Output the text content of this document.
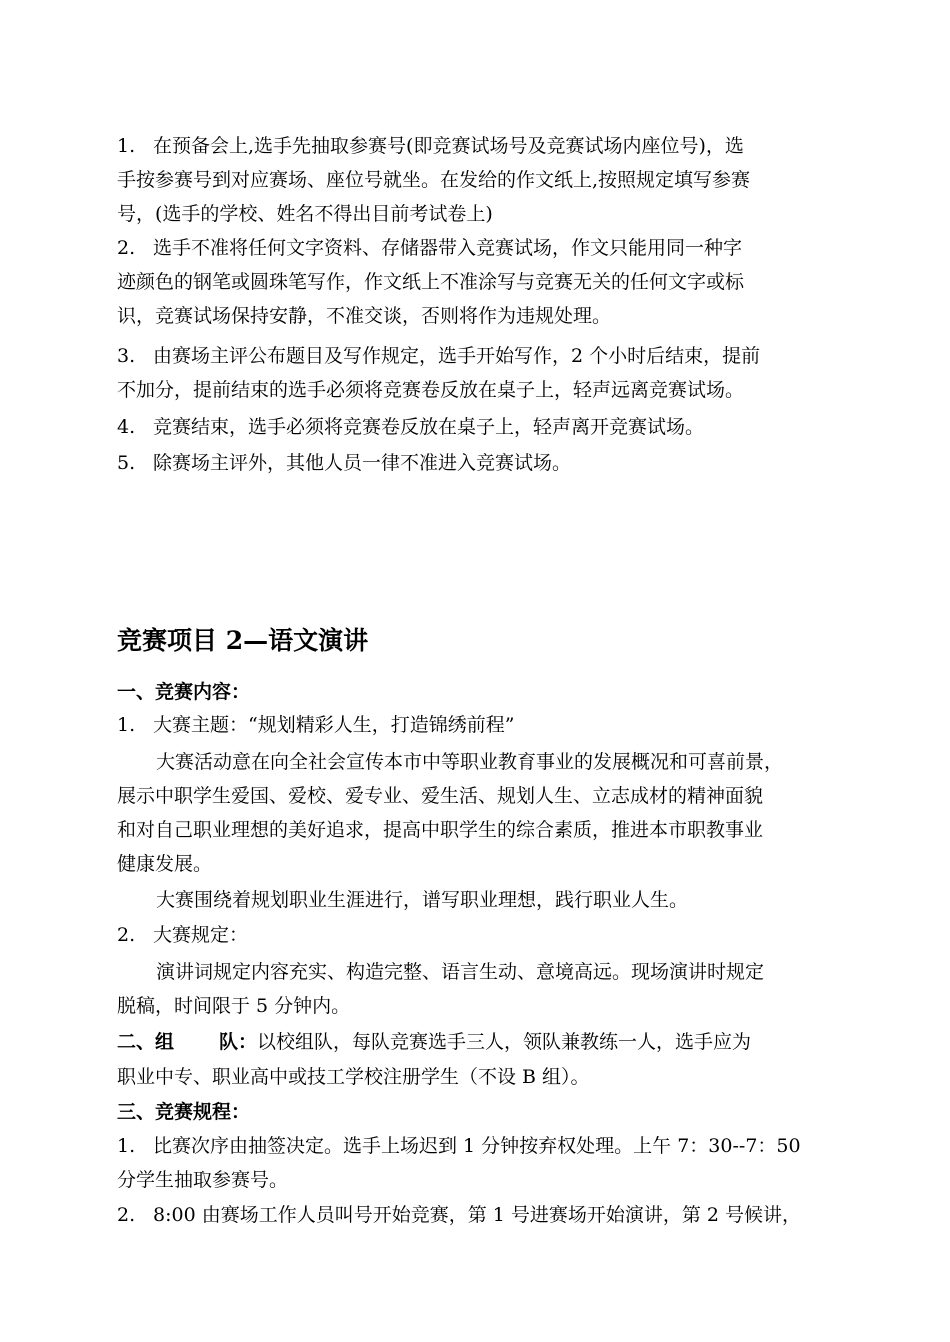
1. 在预备会上,选手先抽取参赛号(即竞赛试场号及竞赛试场内座位号)，选
手按参赛号到对应赛场、座位号就坐。在发给的作文纸上,按照规定填写参赛
号，(选手的学校、姓名不得出目前考试卷上)
2. 选手不准将任何文字资料、存储器带入竞赛试场，作文只能用同一种字
迹颜色的钢笔或圆珠笔写作，作文纸上不准涂写与竞赛无关的任何文字或标
识，竞赛试场保持安静，不准交谈，否则将作为违规处理。
3. 由赛场主评公布题目及写作规定，选手开始写作，2 个小时后结束，提前
不加分，提前结束的选手必须将竞赛卷反放在桌子上，轻声远离竞赛试场。
4. 竞赛结束，选手必须将竞赛卷反放在桌子上，轻声离开竞赛试场。
5. 除赛场主评外，其他人员一律不准进入竞赛试场。
竞赛项目 2—语文演讲
一、竞赛内容：
1. 大赛主题：“规划精彩人生，打造锦绣前程”
大赛活动意在向全社会宣传本市中等职业教育事业的发展概况和可喜前景，
展示中职学生爱国、爱校、爱专业、爱生活、规划人生、立志成材的精神面貌
和对自己职业理想的美好追求，提高中职学生的综合素质，推进本市职教事业
健康发展。
大赛围绕着规划职业生涯进行，谱写职业理想，践行职业人生。
2. 大赛规定：
演讲词规定内容充实、构造完整、语言生动、意境高远。现场演讲时规定
脱稿，时间限于 5 分钟内。
二、组 队：以校组队，每队竞赛选手三人，领队兼教练一人，选手应为
职业中专、职业高中或技工学校注册学生（不设 B 组）。
三、竞赛规程：
1. 比赛次序由抽签决定。选手上场迟到 1 分钟按弃权处理。上午 7：30--7：50
分学生抽取参赛号。
2. 8:00 由赛场工作人员叫号开始竞赛，第 1 号进赛场开始演讲，第 2 号候讲，
